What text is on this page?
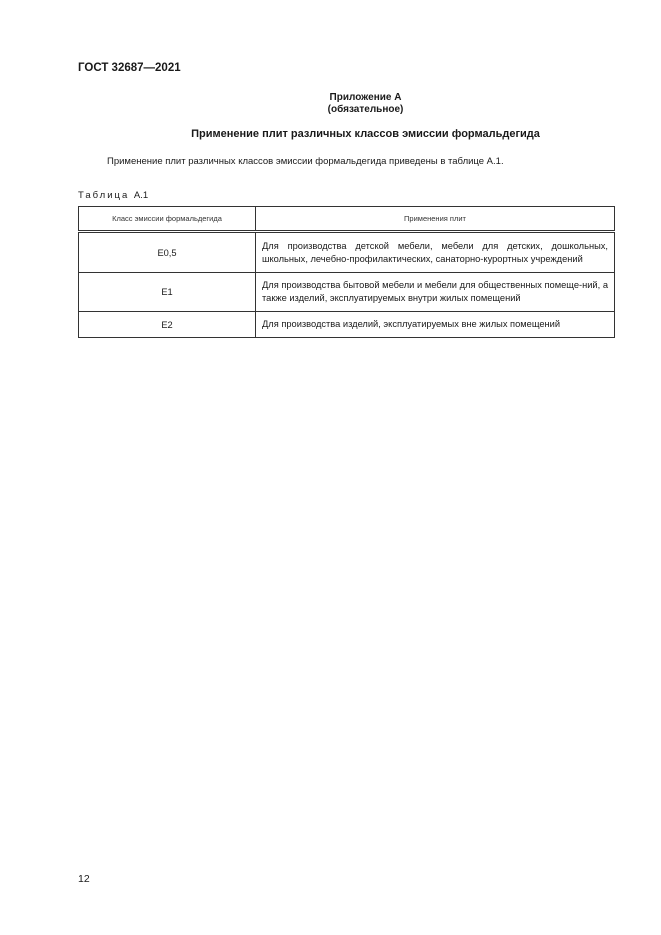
ГОСТ 32687—2021
Приложение А
(обязательное)
Применение плит различных классов эмиссии формальдегида
Применение плит различных классов эмиссии формальдегида приведены в таблице А.1.
Таблица А.1
Класс эмиссии формальдегида	Применения плит
Е0,5	Для производства детской мебели, мебели для детских, дошкольных, школьных, лечебно-профилактических, санаторно-курортных учреждений
Е1	Для производства бытовой мебели и мебели для общественных помеще-ний, а также изделий, эксплуатируемых внутри жилых помещений
Е2	Для производства изделий, эксплуатируемых вне жилых помещений
12
